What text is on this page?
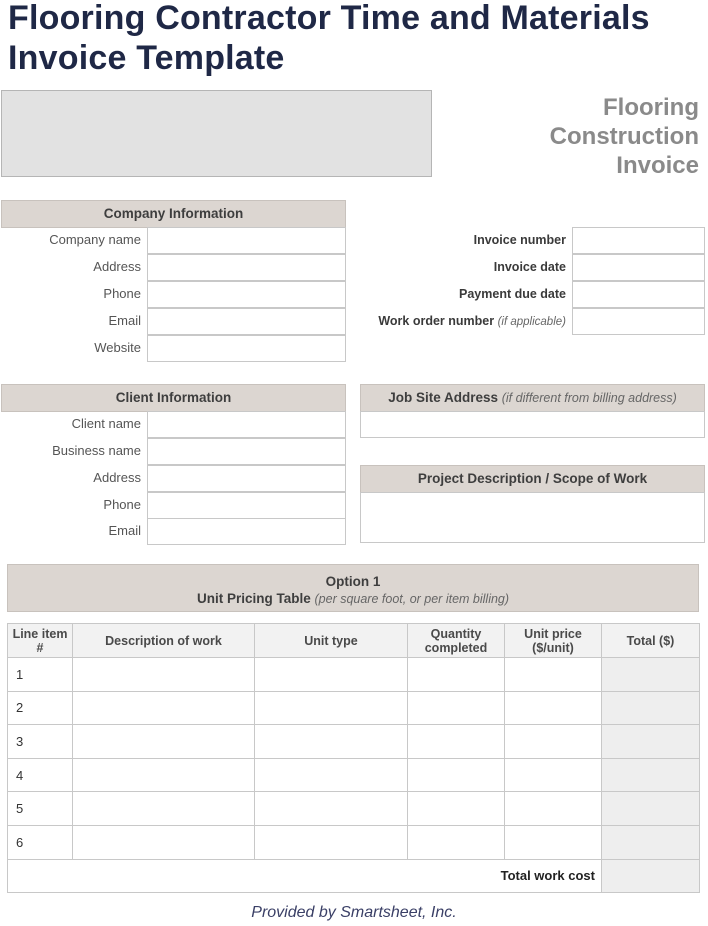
Flooring Contractor Time and Materials Invoice Template
Flooring
Construction
Invoice
Company Information
Company name
Address
Phone
Email
Website
Invoice number
Invoice date
Payment due date
Work order number (if applicable)
Client Information
Client name
Business name
Address
Phone
Email
Job Site Address (if different from billing address)
Project Description / Scope of Work
Option 1
Unit Pricing Table (per square foot, or per item billing)
Line item #	Description of work	Unit type	Quantity completed	Unit price ($/unit)	Total ($)
1					
2					
3					
4					
5					
6					
Total work cost					
Provided by Smartsheet, Inc.
